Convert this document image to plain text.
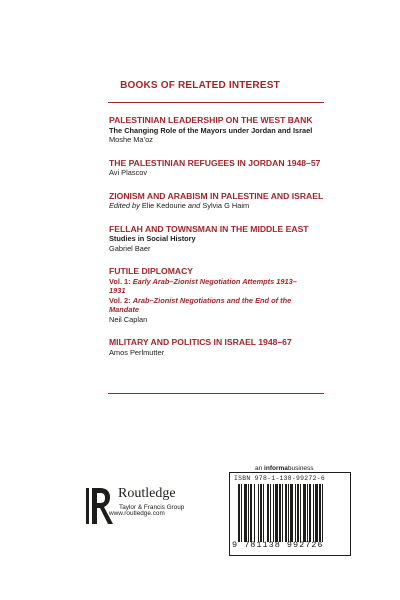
BOOKS OF RELATED INTEREST
PALESTINIAN LEADERSHIP ON THE WEST BANK
The Changing Role of the Mayors under Jordan and Israel
Moshe Ma’oz
THE PALESTINIAN REFUGEES IN JORDAN 1948–57
Avi Plascov
ZIONISM AND ARABISM IN PALESTINE AND ISRAEL
Edited by Elie Kedourie and Sylvia G Haim
FELLAH AND TOWNSMAN IN THE MIDDLE EAST
Studies in Social History
Gabriel Baer
FUTILE DIPLOMACY
Vol. 1: Early Arab–Zionist Negotiation Attempts 1913–1931
Vol. 2: Arab–Zionist Negotiations and the End of the Mandate
Neil Caplan
MILITARY AND POLITICS IN ISRAEL 1948–67
Amos Perlmutter
Routledge
Taylor & Francis Group
www.routledge.com
an informabusiness
ISBN 978-1-138-99272-6
9 781138 992726
